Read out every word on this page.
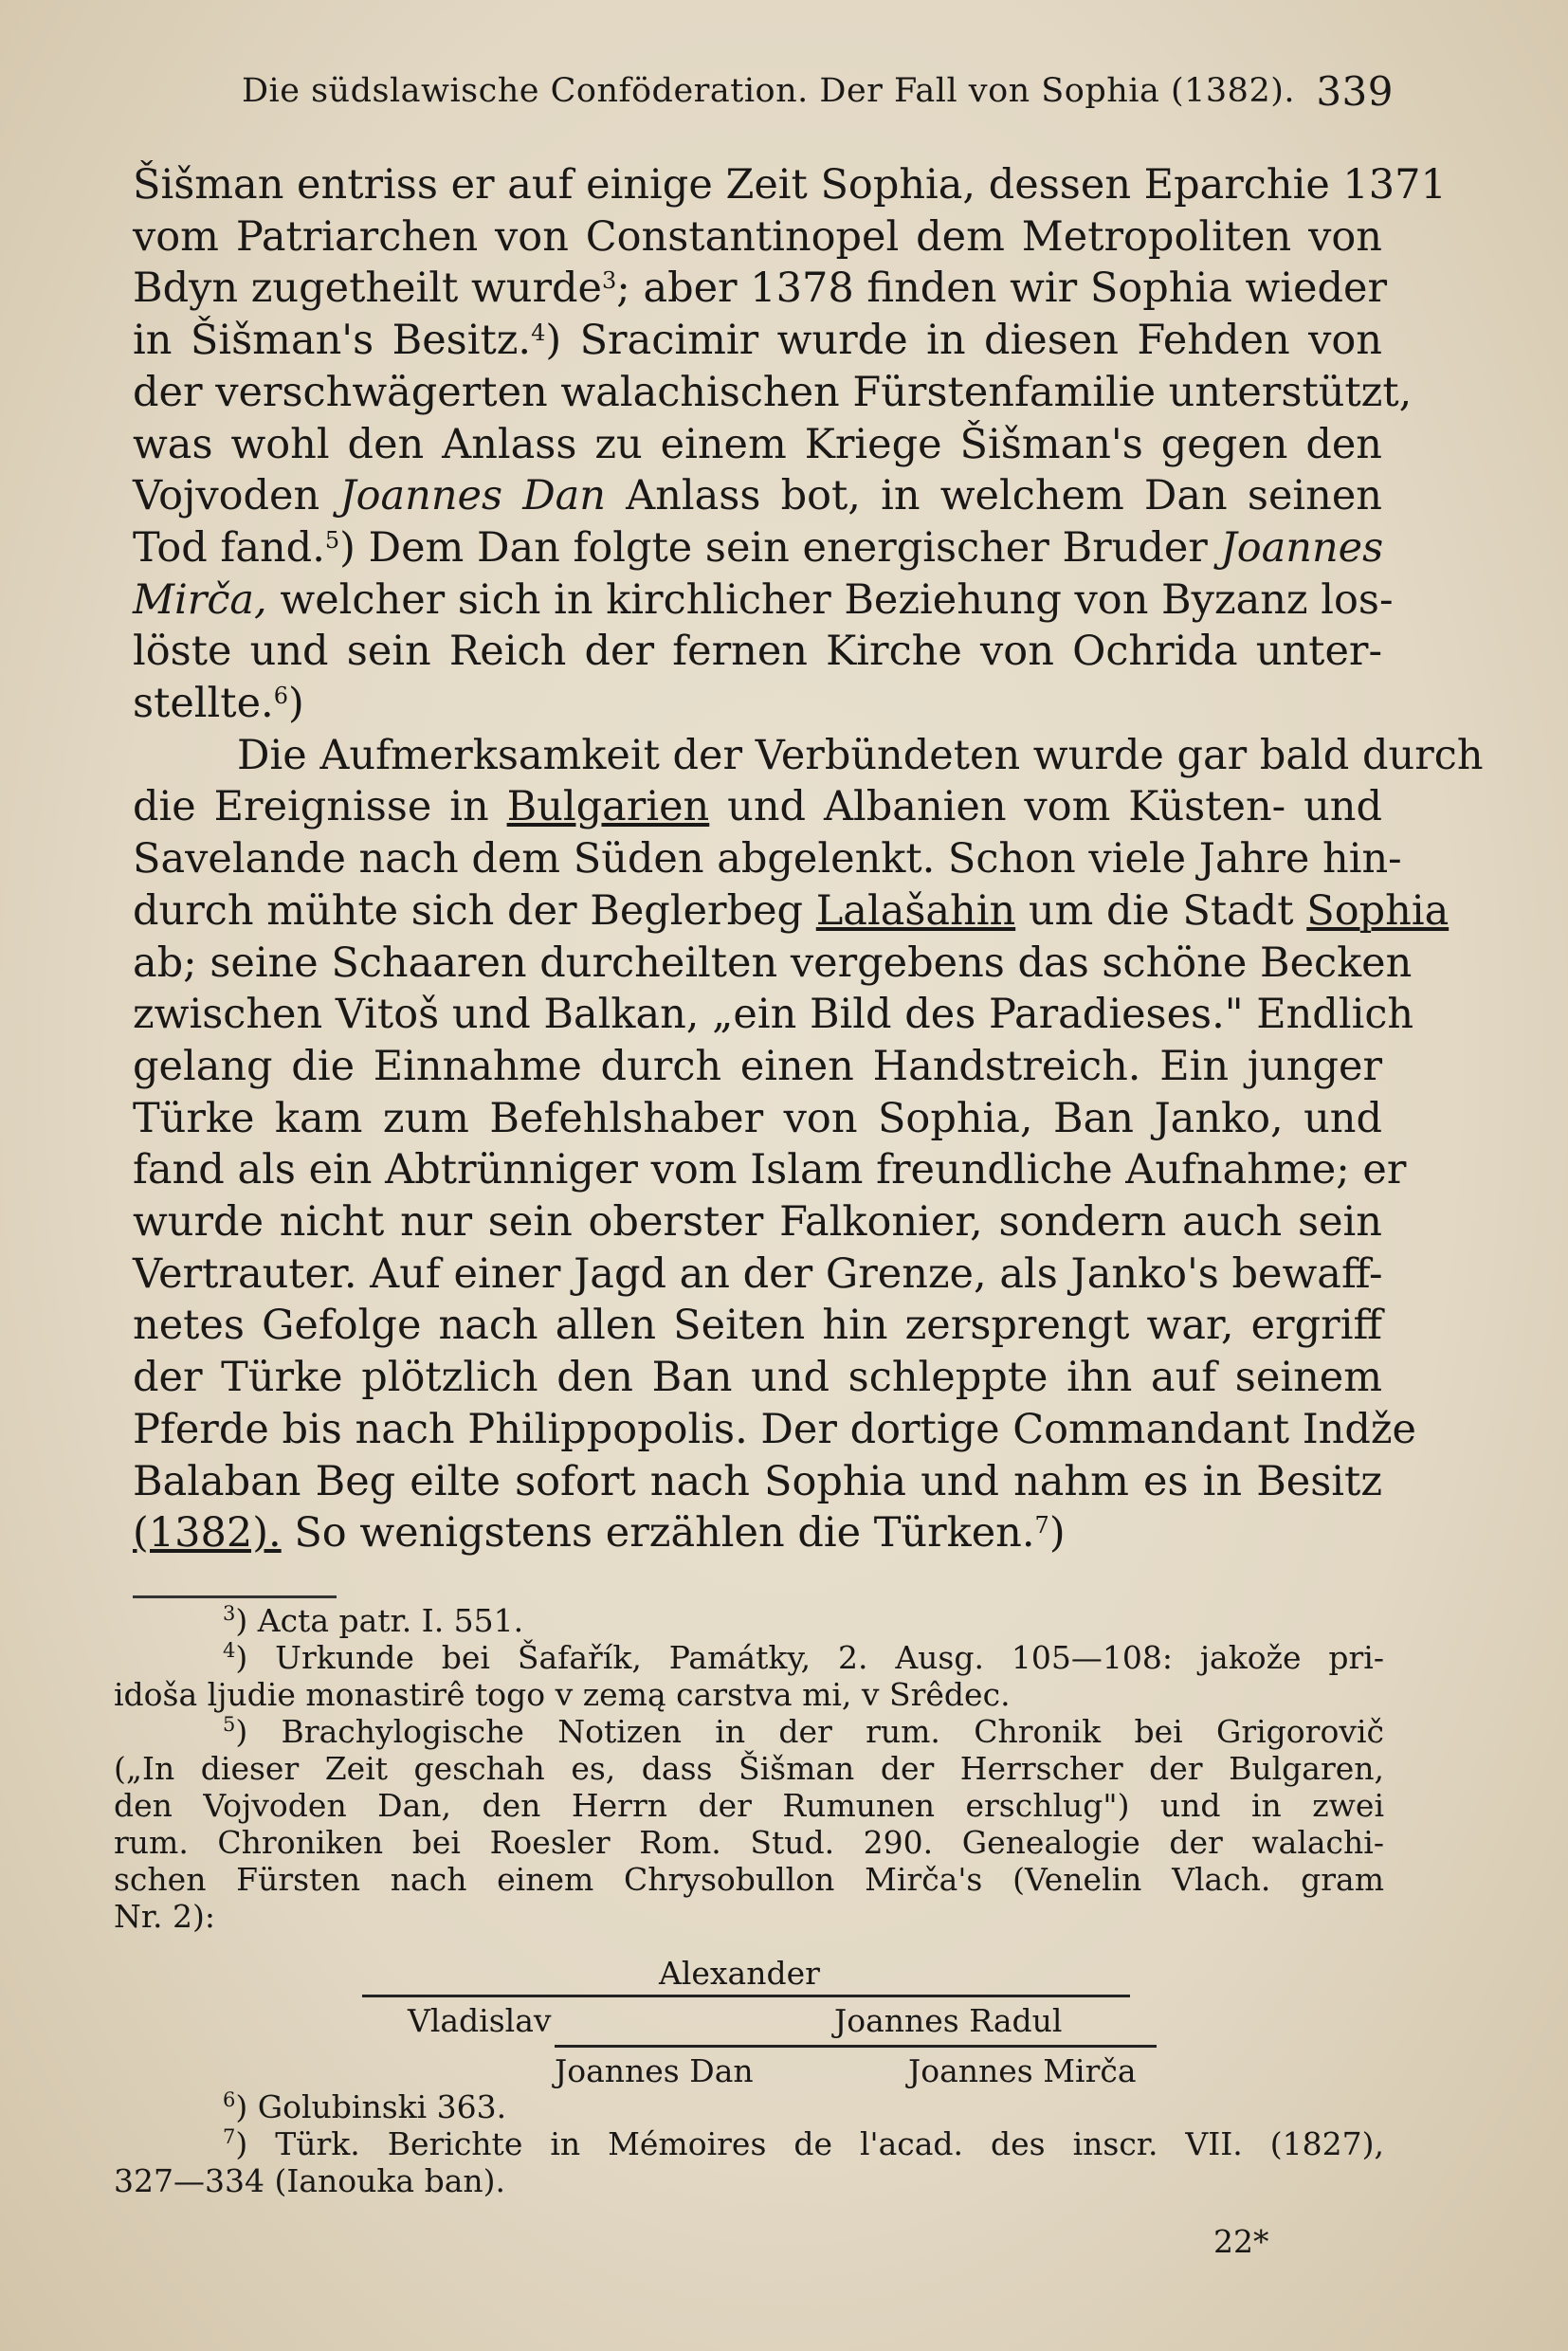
Die südslawische Conföderation. Der Fall von Sophia (1382). 339

Šišman entriss er auf einige Zeit Sophia, dessen Eparchie 1371
vom Patriarchen von Constantinopel dem Metropoliten von
Bdyn zugetheilt wurde$^3$; aber 1378 finden wir Sophia wieder
in Šišman's Besitz.$^4$) Sracimir wurde in diesen Fehden von
der verschwägerten walachischen Fürstenfamilie unterstützt,
was wohl den Anlass zu einem Kriege Šišman's gegen den
Vojvoden Joannes Dan Anlass bot, in welchem Dan seinen
Tod fand.$^5$) Dem Dan folgte sein energischer Bruder Joannes
Mirča, welcher sich in kirchlicher Beziehung von Byzanz los-
löste und sein Reich der fernen Kirche von Ochrida unter-
stellte.$^6$)

Die Aufmerksamkeit der Verbündeten wurde gar bald durch
die Ereignisse in Bulgarien und Albanien vom Küsten- und
Savelande nach dem Süden abgelenkt. Schon viele Jahre hin-
durch mühte sich der Beglerbeg Lalašahin um die Stadt Sophia
ab; seine Schaaren durcheilten vergebens das schöne Becken
zwischen Vitoš und Balkan, „ein Bild des Paradieses." Endlich
gelang die Einnahme durch einen Handstreich. Ein junger
Türke kam zum Befehlshaber von Sophia, Ban Janko, und
fand als ein Abtrünniger vom Islam freundliche Aufnahme; er
wurde nicht nur sein oberster Falkonier, sondern auch sein
Vertrauter. Auf einer Jagd an der Grenze, als Janko's bewaff-
netes Gefolge nach allen Seiten hin zersprengt war, ergriff
der Türke plötzlich den Ban und schleppte ihn auf seinem
Pferde bis nach Philippopolis. Der dortige Commandant Indže
Balaban Beg eilte sofort nach Sophia und nahm es in Besitz
(1382). So wenigstens erzählen die Türken.$^7$)

$^3$) Acta patr. I. 551.
$^4$) Urkunde bei Šafařík, Památky, 2. Ausg. 105—108: jakože pri-
idoša ljudie monastirê togo v zemą carstva mi, v Srêdec.
$^5$) Brachylogische Notizen in der rum. Chronik bei Grigorovič
(„In dieser Zeit geschah es, dass Šišman der Herrscher der Bulgaren,
den Vojvoden Dan, den Herrn der Rumunen erschlug") und in zwei
rum. Chroniken bei Roesler Rom. Stud. 290. Genealogie der walachi-
schen Fürsten nach einem Chrysobullon Mirča's (Venelin Vlach. gram
Nr. 2):
Alexander
Vladislav	Joannes Radul
Joannes Dan	Joannes Mirča
$^6$) Golubinski 363.
$^7$) Türk. Berichte in Mémoires de l'acad. des inscr. VII. (1827),
327—334 (Ianouka ban).
22*
